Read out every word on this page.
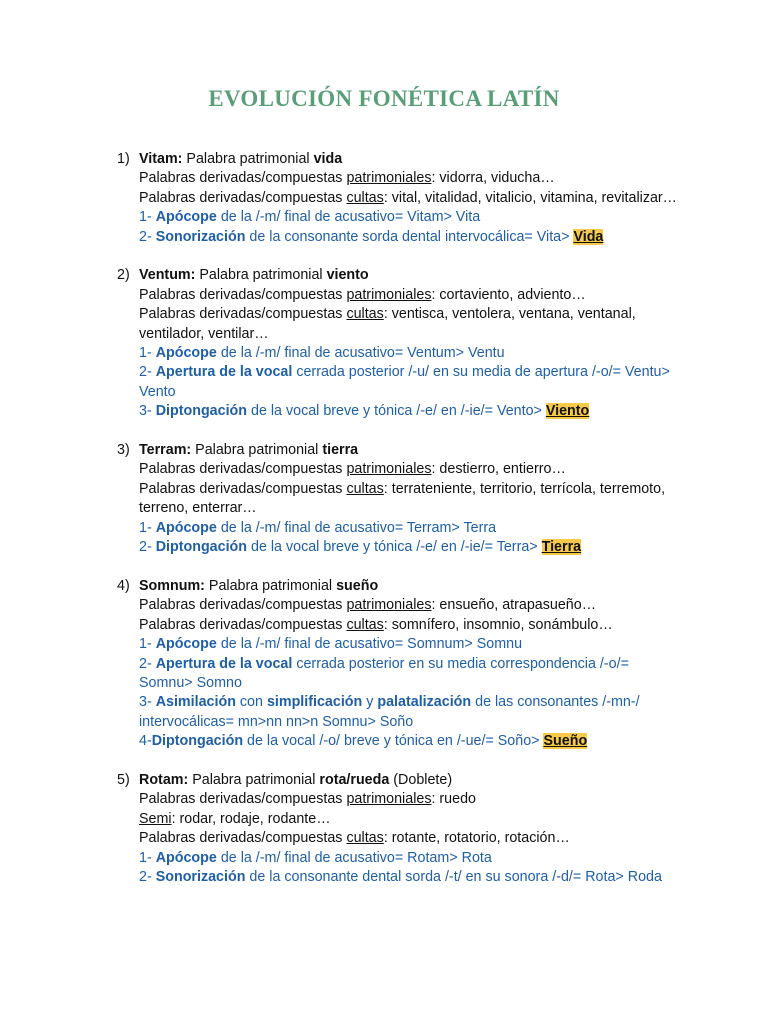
EVOLUCIÓN FONÉTICA LATÍN
1) Vitam: Palabra patrimonial vida
Palabras derivadas/compuestas patrimoniales: vidorra, viducha…
Palabras derivadas/compuestas cultas: vital, vitalidad, vitalicio, vitamina, revitalizar…
1- Apócope de la /-m/ final de acusativo= Vitam> Vita
2- Sonorización de la consonante sorda dental intervocálica= Vita> Vida
2) Ventum: Palabra patrimonial viento
Palabras derivadas/compuestas patrimoniales: cortaviento, adviento…
Palabras derivadas/compuestas cultas: ventisca, ventolera, ventana, ventanal, ventilador, ventilar…
1- Apócope de la /-m/ final de acusativo= Ventum> Ventu
2- Apertura de la vocal cerrada posterior /-u/ en su media de apertura /-o/= Ventu> Vento
3- Diptongación de la vocal breve y tónica /-e/ en /-ie/= Vento> Viento
3) Terram: Palabra patrimonial tierra
Palabras derivadas/compuestas patrimoniales: destierro, entierro…
Palabras derivadas/compuestas cultas: terrateniente, territorio, terrícola, terremoto, terreno, enterrar…
1- Apócope de la /-m/ final de acusativo= Terram> Terra
2- Diptongación de la vocal breve y tónica /-e/ en /-ie/= Terra> Tierra
4) Somnum: Palabra patrimonial sueño
Palabras derivadas/compuestas patrimoniales: ensueño, atrapasueño…
Palabras derivadas/compuestas cultas: somnífero, insomnio, sonámbulo…
1- Apócope de la /-m/ final de acusativo= Somnum> Somnu
2- Apertura de la vocal cerrada posterior en su media correspondencia /-o/= Somnu> Somno
3- Asimilación con simplificación y palatalización de las consonantes /-mn-/ intervocálicas= mn>nn nn>n Somnu> Soño
4-Diptongación de la vocal /-o/ breve y tónica en /-ue/= Soño> Sueño
5) Rotam: Palabra patrimonial rota/rueda (Doblete)
Palabras derivadas/compuestas patrimoniales: ruedo
Semi: rodar, rodaje, rodante…
Palabras derivadas/compuestas cultas: rotante, rotatorio, rotación…
1- Apócope de la /-m/ final de acusativo= Rotam> Rota
2- Sonorización de la consonante dental sorda /-t/ en su sonora /-d/= Rota> Roda
